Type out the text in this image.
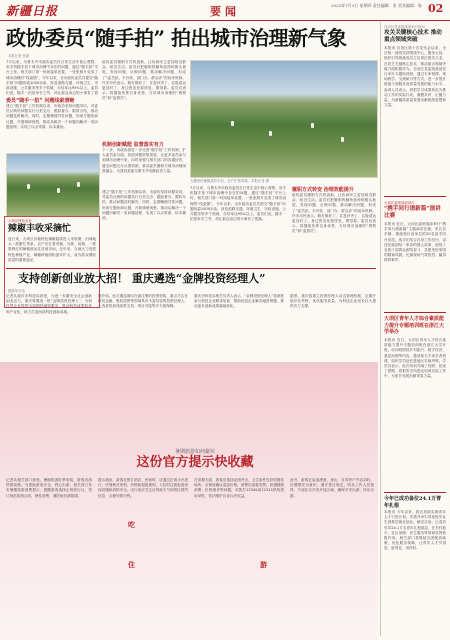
新疆日报	要闻	2025年7月3日 星期四 责任编辑：张 美术编辑：陈 02
政协委员“随手拍” 拍出城市治理新气象
本报记者 张新
7月以来，乌鲁木齐市政协委员在日常生活中留心观察，用手机随手拍下城市治理中存在的问题，通过“随手拍”平台上传，相关部门第一时间接单处置，一张张照片变成了城市治理的“线索图”。今年以来，全市政协委员共提交“随手拍”问题线索1000余条，涉及道路交通、环境卫生、市政设施、公共服务等多个领域，办结率达95%以上。委员们说，随手一拍是举手之劳，却让群众身边的小事有了着
委员“随手一拍” 问题线索清晰
建立“随手拍”工作机制以来，市政协坚持问题导向，对委员反映的问题实行分类交办、跟踪督办、限时办结，推动问题及时解决。同时，定期梳理共性问题，形成专题协商议题，开展调研视察，推动从解决一个问题向解决一类问题延伸，实现了以点带面、标本兼治。
大坝区特色农业
辣椒丰收采摘忙
连日来，大坝区各地特色辣椒陆续进入采收期，田间地头一派繁忙景象。农户们忙着采摘、分拣、装箱，一筐筐鲜红的辣椒被运往各地市场。近年来，当地大力发展特色种植产业，辣椒种植面积逐年扩大，成为群众增收致富的重要途径。
政协委员履职方式的创新，让协商民主更加贴近群众、贴近生活。委员们把履职的触角延伸到街头巷尾，发现问题、反映问题、推动解决问题，形成了“委员拍、平台转、部门办、群众评”的闭环机制。许多市民表示，路灯修好了、井盖补齐了、垃圾清运更及时了，身边的变化看得见、摸得着。委员们表示，将继续发挥自身优势，当好城市治理的“观察员”和“监督员”。
机制创新赋能 监督落实有力
下一步，市政协将进一步完善“随手拍”工作机制，扩大委员参与面，拓展问题收集渠道，让更多委员参与到城市治理中来。同时加强与相关部门的沟通协作，健全问题交办反馈机制，推动委员履职与城市治理深度融合，为建设美丽乌鲁木齐贡献政协力量。
大棚里民辣椒喜获丰收，农户忙着采摘。本报记者 摄
履职方式转变 治理效能提升
7月以来，乌鲁木齐市政协委员在日常生活中留心观察，用手机随手拍下城市治理中存在的问题，通过“随手拍”平台上传，相关部门第一时间接单处置，一张张照片变成了城市治理的“线索图”。今年以来，全市政协委员共提交“随手拍”问题线索1000余条，涉及道路交通、环境卫生、市政设施、公共服务等多个领域，办结率达95%以上。委员们说，随手一拍是举手之劳，却让群众身边的小事有了着落。
政协委员履职方式的创新，让协商民主更加贴近群众、贴近生活。委员们把履职的触角延伸到街头巷尾，发现问题、反映问题、推动解决问题，形成了“委员拍、平台转、部门办、群众评”的闭环机制。许多市民表示，路灯修好了、井盖补齐了、垃圾清运更及时了，身边的变化看得见、摸得着。委员们表示，将继续发挥自身优势，当好城市治理的“观察员”和“监督员”。
建立“随手拍”工作机制以来，市政协坚持问题导向，对委员反映的问题实行分类交办、跟踪督办、限时办结，推动问题及时解决。同时，定期梳理共性问题，形成专题协商议题，开展调研视察，推动从解决一个问题向解决一类问题延伸，实现了以点带面、标本兼治。
支持创新创业放大招！ 重庆遴选“金牌投资经理人”
据新华社电
记者从重庆市科技局获悉，为进一步激发全社会创新创业活力，重庆将遴选一批“金牌投资经理人”，为科技型企业提供全周期投融资服务，推动科技成果转化和产业化，助力打造西部科技创新高地。
据介绍，此次遴选面向在渝注册的投资机构，重点关注在科技金融、股权投资等领域具有丰富经验的投资经理人，入选者将获得政策支持、项目对接等多方面保障。
重庆市科技局相关负责人表示，“金牌投资经理人”将深度参与科技企业孵化培育，帮助初创企业解决融资难题，推动更多创新成果落地转化。
据悉，重庆将建立投资经理人动态管理机制，定期开展评估考核，优化服务质量，为科技企业成长壮大提供有力支撑。
暑期旅游如何避坑
这份官方提示快收藏
记者从相关部门获悉，暑期旅游旺季来临，游客出游热情高涨。为帮助游客安全、舒心出游，相关部门发布暑期旅游消费提示，提醒游客选择正规旅行社，签订规范旅游合同，理性消费，谨防低价游陷阱。
提示指出，游客在预订酒店、民宿时，应通过正规平台进行，仔细核对房型、价格和退改规则，入住时注意检查房间设施和消防安全。出行前应关注目的地天气和景区预约信息，合理安排行程。
在用餐方面，游客应选择证照齐全、卫生条件良好的餐饮场所，点餐前确认菜品价格，消费后索要发票。如遇强制消费、价格欺诈等问题，可拨打12345或12315热线投诉举报，依法维护自身合法权益。
此外，游客在参加漂流、登山、自驾等户外活动时，应增强安全意识，遵守景区规定，听从工作人员指挥，不前往未开发开放区域，确保平安出游、快乐出游。
吃
住	游
自治区党委统战部举行培训
攻关关键核心技术 推动重点领域突破
本报讯 自治区第十次党代会以来，全区统一战线坚持围绕中心、服务大局，组织引导统战成员立足岗位建功立业，在攻关关键核心技术、推动重点领域突破方面积极作为。自治区党委统战部近日举办专题培训班，通过专家授课、现场教学、交流研讨等方式，进一步提升统战干部服务高质量发展的能力水平。参训人员表示，将把学习成果转化为推动工作的实际行动，凝聚共识、汇聚力量，为新疆高质量发展贡献统战智慧和力量。
大坝区委统战部举行
“携手同行谱新篇”演讲比赛
本报讯 近日，大坝区委统战部举行“携手同行谱新篇”主题演讲比赛，来自各乡镇、街道和区直单位的20名选手同台竞技。选手们结合自身工作经历，讲述民族团结一家亲的感人故事，展现了各族干部群众团结奋斗、共建美好家园的精神风貌。比赛现场气氛热烈，赢得阵阵掌声。
大坝区青年人才综合素质能力提升专题培训班在浙江大学举办
本报讯 近日，大坝区青年人才综合素质能力提升专题培训班在浙江大学开班。培训班围绕乡村振兴、数字经济、基层治理等内容，邀请知名专家学者授课，组织学员赴先进地区实地考察。学员们表示，此次培训开阔了视野、拓宽了思路，将把所学所思运用到实际工作中，为家乡发展贡献青春力量。
今年已成功备位24.1万青年扎根
本报讯 今年以来，我区持续实施青年人才引进计划，多措并举引导高校毕业生到基层就业创业。截至目前，已成功引导24.1万名青年扎根基层，在乡村振兴、社区治理、民生服务等领域发挥积极作用。相关部门将继续完善配套政策，优化服务保障，让青年人才引得进、留得住、用得好。
